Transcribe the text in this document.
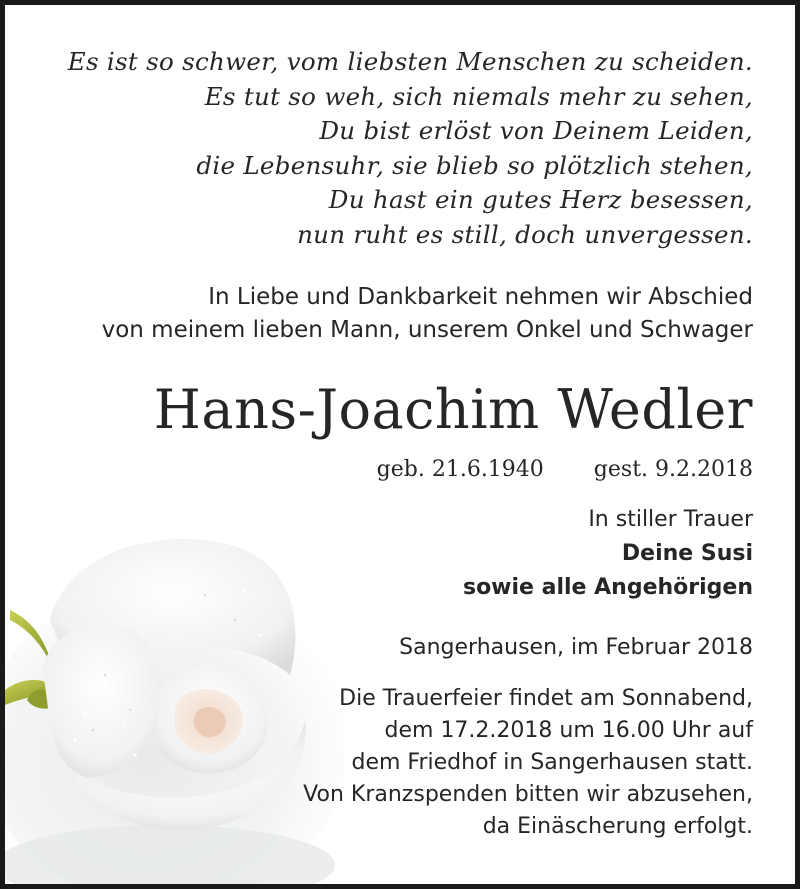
Es ist so schwer, vom liebsten Menschen zu scheiden.
Es tut so weh, sich niemals mehr zu sehen,
Du bist erlöst von Deinem Leiden,
die Lebensuhr, sie blieb so plötzlich stehen,
Du hast ein gutes Herz besessen,
nun ruht es still, doch unvergessen.
In Liebe und Dankbarkeit nehmen wir Abschied
von meinem lieben Mann, unserem Onkel und Schwager
Hans-Joachim Wedler
geb. 21.6.1940 gest. 9.2.2018
In stiller Trauer
Deine Susi
sowie alle Angehörigen
Sangerhausen, im Februar 2018
Die Trauerfeier findet am Sonnabend,
dem 17.2.2018 um 16.00 Uhr auf
dem Friedhof in Sangerhausen statt.
Von Kranzspenden bitten wir abzusehen,
da Einäscherung erfolgt.
